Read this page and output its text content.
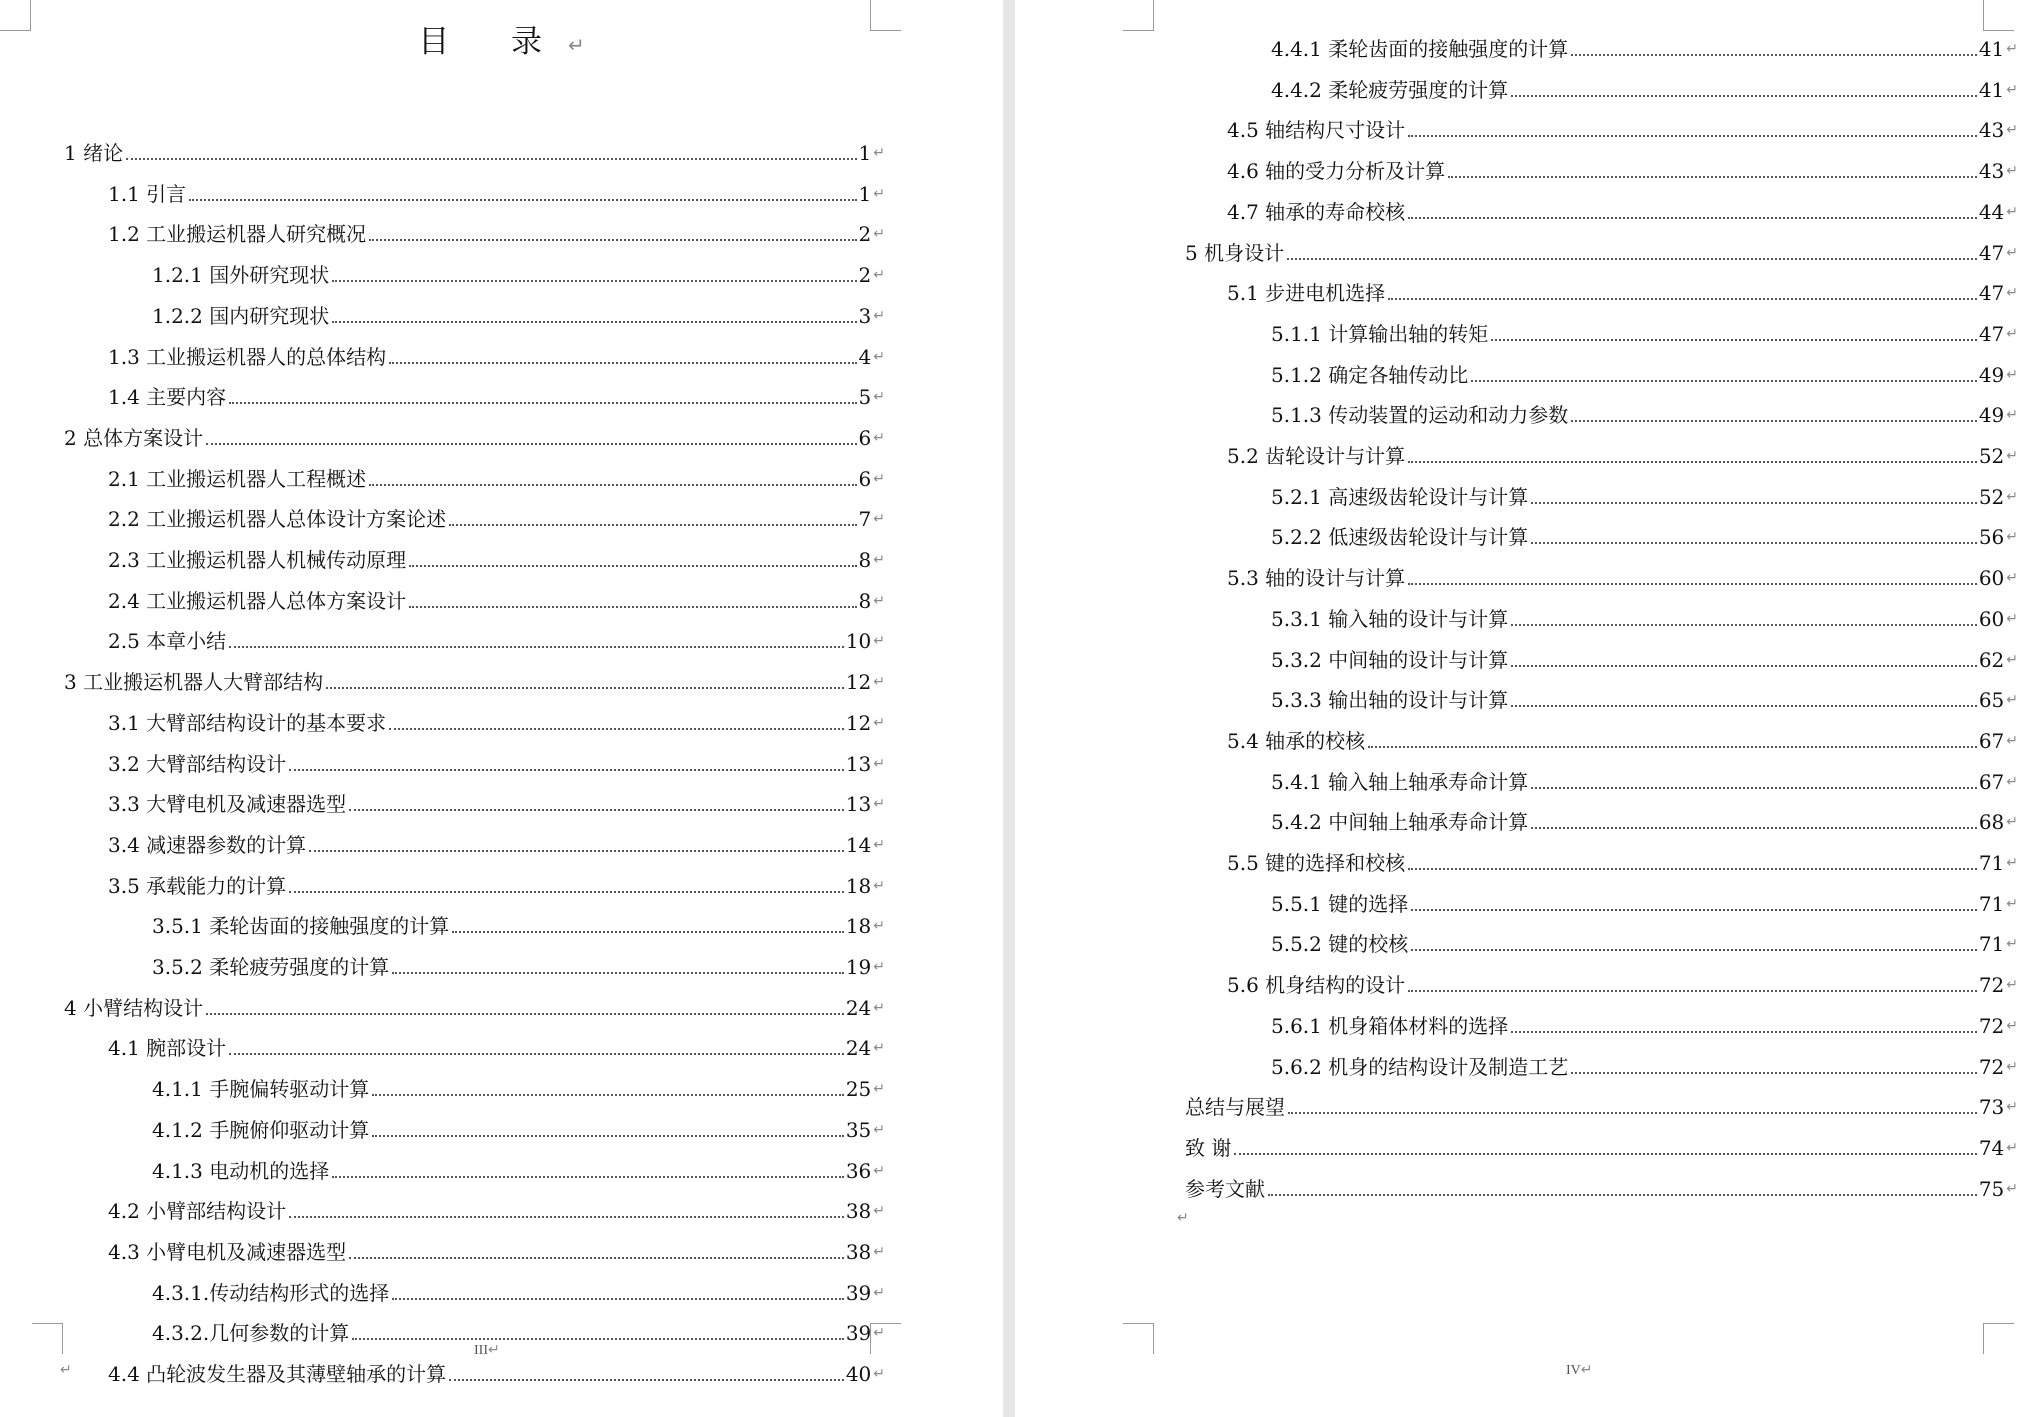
目 录↵
1 绪论	1 ↵
1.1 引言	1 ↵
1.2 工业搬运机器人研究概况	2 ↵
1.2.1 国外研究现状	2 ↵
1.2.2 国内研究现状	3 ↵
1.3 工业搬运机器人的总体结构	4 ↵
1.4 主要内容	5 ↵
2 总体方案设计	6 ↵
2.1 工业搬运机器人工程概述	6 ↵
2.2 工业搬运机器人总体设计方案论述	7 ↵
2.3 工业搬运机器人机械传动原理	8 ↵
2.4 工业搬运机器人总体方案设计	8 ↵
2.5 本章小结	10 ↵
3 工业搬运机器人大臂部结构	12 ↵
3.1 大臂部结构设计的基本要求	12 ↵
3.2 大臂部结构设计	13 ↵
3.3 大臂电机及减速器选型	13 ↵
3.4 减速器参数的计算	14 ↵
3.5 承载能力的计算	18 ↵
3.5.1 柔轮齿面的接触强度的计算	18 ↵
3.5.2 柔轮疲劳强度的计算	19 ↵
4 小臂结构设计	24 ↵
4.1 腕部设计	24 ↵
4.1.1 手腕偏转驱动计算	25 ↵
4.1.2 手腕俯仰驱动计算	35 ↵
4.1.3 电动机的选择	36 ↵
4.2 小臂部结构设计	38 ↵
4.3 小臂电机及减速器选型	38 ↵
4.3.1.传动结构形式的选择	39 ↵
4.3.2.几何参数的计算	39 ↵
4.4 凸轮波发生器及其薄壁轴承的计算	40 ↵
III↵
↵
4.4.1 柔轮齿面的接触强度的计算	41 ↵
4.4.2 柔轮疲劳强度的计算	41 ↵
4.5 轴结构尺寸设计	43 ↵
4.6 轴的受力分析及计算	43 ↵
4.7 轴承的寿命校核	44 ↵
5 机身设计	47 ↵
5.1 步进电机选择	47 ↵
5.1.1 计算输出轴的转矩	47 ↵
5.1.2 确定各轴传动比	49 ↵
5.1.3 传动装置的运动和动力参数	49 ↵
5.2 齿轮设计与计算	52 ↵
5.2.1 高速级齿轮设计与计算	52 ↵
5.2.2 低速级齿轮设计与计算	56 ↵
5.3 轴的设计与计算	60 ↵
5.3.1 输入轴的设计与计算	60 ↵
5.3.2 中间轴的设计与计算	62 ↵
5.3.3 输出轴的设计与计算	65 ↵
5.4 轴承的校核	67 ↵
5.4.1 输入轴上轴承寿命计算	67 ↵
5.4.2 中间轴上轴承寿命计算	68 ↵
5.5 键的选择和校核	71 ↵
5.5.1 键的选择	71 ↵
5.5.2 键的校核	71 ↵
5.6 机身结构的设计	72 ↵
5.6.1 机身箱体材料的选择	72 ↵
5.6.2 机身的结构设计及制造工艺	72 ↵
总结与展望	73 ↵
致 谢	74 ↵
参考文献	75 ↵
IV↵
↵
